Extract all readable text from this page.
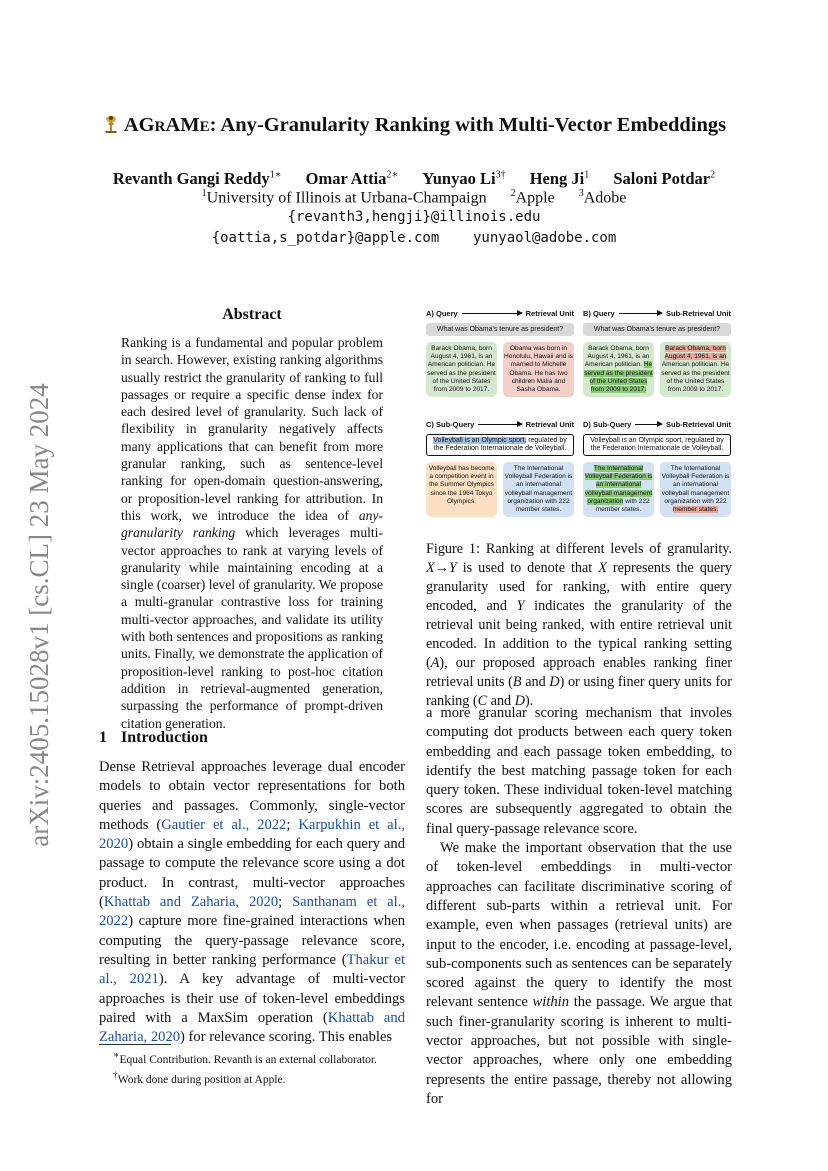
arXiv:2405.15028v1 [cs.CL] 23 May 2024
AGRAME: Any-Granularity Ranking with Multi-Vector Embeddings
Revanth Gangi Reddy$^{1∗}$ Omar Attia$^{2∗}$ Yunyao $Li^{3\dagger}$ Heng Ji$^1$ Saloni Potdar$^2$
$^1$University of Illinois at Urbana-Champaign $^2$Apple $^3$Adobe
{revanth3,hengji}@illinois.edu
{oattia,s_potdar}@apple.com yunyaol@adobe.com
Abstract
Ranking is a fundamental and popular problem in search. However, existing ranking algorithms usually restrict the granularity of ranking to full passages or require a specific dense index for each desired level of granularity. Such lack of flexibility in granularity negatively affects many applications that can benefit from more granular ranking, such as sentence-level ranking for open-domain question-answering, or proposition-level ranking for attribution. In this work, we introduce the idea of any-granularity ranking which leverages multi-vector approaches to rank at varying levels of granularity while maintaining encoding at a single (coarser) level of granularity. We propose a multi-granular contrastive loss for training multi-vector approaches, and validate its utility with both sentences and propositions as ranking units. Finally, we demonstrate the application of proposition-level ranking to post-hoc citation addition in retrieval-augmented generation, surpassing the performance of prompt-driven citation generation.
1 Introduction
Dense Retrieval approaches leverage dual encoder models to obtain vector representations for both queries and passages. Commonly, single-vector methods (Gautier et al., 2022; Karpukhin et al., 2020) obtain a single embedding for each query and passage to compute the relevance score using a dot product. In contrast, multi-vector approaches (Khattab and Zaharia, 2020; Santhanam et al., 2022) capture more fine-grained interactions when computing the query-passage relevance score, resulting in better ranking performance (Thakur et al., 2021). A key advantage of multi-vector approaches is their use of token-level embeddings paired with a MaxSim operation (Khattab and Zaharia, 2020) for relevance scoring. This enables
∗Equal Contribution. Revanth is an external collaborator.
†Work done during position at Apple.
A) Query	Retrieval Unit
What was Obama's tenure as president?
Barack Obama, born August 4, 1961, is an American politician. He served as the president of the United States from 2009 to 2017.
Obama was born in Honolulu, Hawaii and is married to Michelle Obama. He has two children Malia and Sasha Obama.
B) Query	Sub-Retrieval Unit
What was Obama's tenure as president?
Barack Obama, born August 4, 1961, is an American politician. He served as the president of the United States from 2009 to 2017.
Barack Obama, born August 4, 1961, is an American politician. He served as the president of the United States from 2009 to 2017.
C) Sub-Query	Retrieval Unit
Volleyball is an Olympic sport, regulated by the Federation Internationale de Volleyball.
Volleyball has become a competition event in the Summer Olympics since the 1964 Tokyo Olympics.
The International Volleyball Federation is an international volleyball management organization with 222 member states.
D) Sub-Query	Sub-Retrieval Unit
Volleyball is an Olympic sport, regulated by the Federation Internationale de Volleyball.
The International Volleyball Federation is an international volleyball management organization with 222 member states.
The International Volleyball Federation is an international volleyball management organization with 222 member states.
Figure 1: Ranking at different levels of granularity. X→Y is used to denote that X represents the query granularity used for ranking, with entire query encoded, and Y indicates the granularity of the retrieval unit being ranked, with entire retrieval unit encoded. In addition to the typical ranking setting (A), our proposed approach enables ranking finer retrieval units (B and D) or using finer query units for ranking (C and D).

a more granular scoring mechanism that involes computing dot products between each query token embedding and each passage token embedding, to identify the best matching passage token for each query token. These individual token-level matching scores are subsequently aggregated to obtain the final query-passage relevance score.

We make the important observation that the use of token-level embeddings in multi-vector approaches can facilitate discriminative scoring of different sub-parts within a retrieval unit. For example, even when passages (retrieval units) are input to the encoder, i.e. encoding at passage-level, sub-components such as sentences can be separately scored against the query to identify the most relevant sentence within the passage. We argue that such finer-granularity scoring is inherent to multi-vector approaches, but not possible with single-vector approaches, where only one embedding represents the entire passage, thereby not allowing for
